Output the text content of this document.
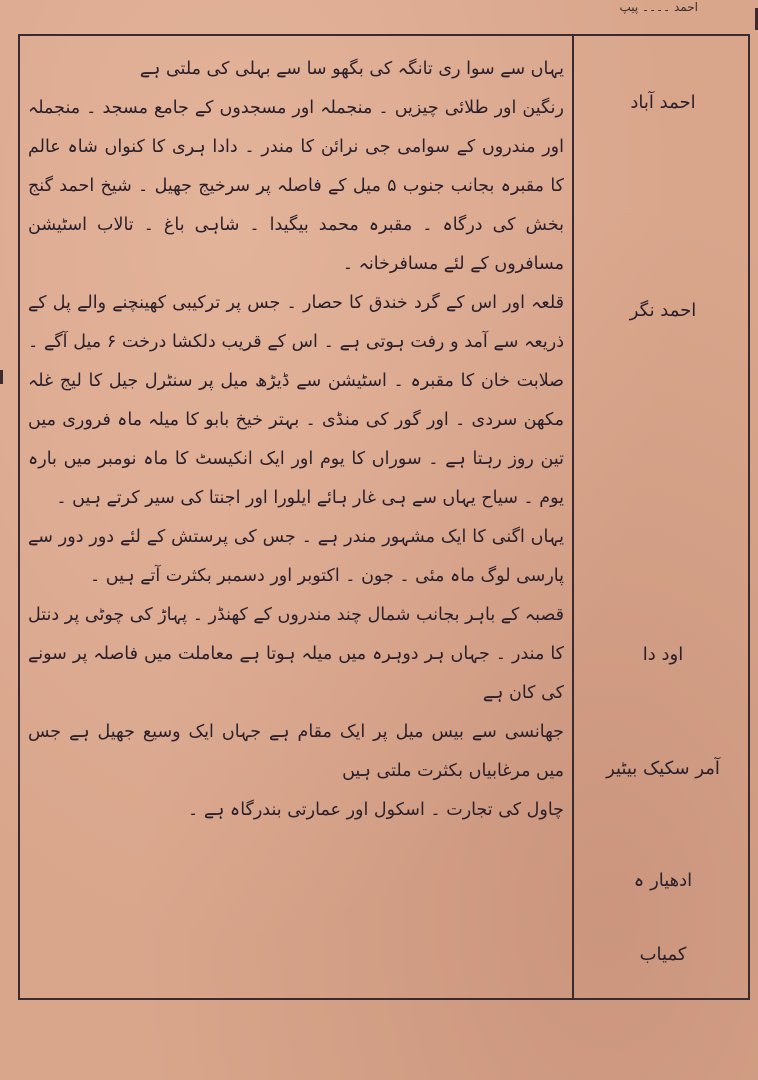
احمد ۔۔۔۔ پیپ

یہاں سے سوا ری تانگہ کی بگھو سا سے بہلی کی ملتی ہے

رنگین اور طلائی چیزیں ۔ منجملہ اور مسجدوں کے جامع مسجد ۔ منجملہ اور مندروں کے سوامی جی نرائن کا مندر ۔ دادا ہری کا کنواں شاہ عالم کا مقبرہ بجانب جنوب ۵ میل کے فاصلہ پر سرخیج جھیل ۔ شیخ احمد گنج بخش کی درگاہ ۔ مقبرہ محمد بیگیدا ۔ شاہی باغ ۔ تالاب اسٹیشن مسافروں کے لئے مسافرخانہ ۔

قلعہ اور اس کے گرد خندق کا حصار ۔ جس پر ترکیبی کھینچنے والے پل کے ذریعہ سے آمد و رفت ہوتی ہے ۔ اس کے قریب دلکشا درخت ۶ میل آگے ۔ صلابت خان کا مقبرہ ۔ اسٹیشن سے ڈیڑھ میل پر سنٹرل جیل کا لیج غلہ مکھن سردی ۔ اور گور کی منڈی ۔ بہتر خیخ بابو کا میلہ ماہ فروری میں تین روز رہتا ہے ۔ سوراں کا یوم اور ایک انکیسٹ کا ماہ نومبر میں بارہ یوم ۔ سیاح یہاں سے ہی غار ہائے ایلورا اور اجنتا کی سیر کرتے ہیں ۔

یہاں اگنی کا ایک مشہور مندر ہے ۔ جس کی پرستش کے لئے دور دور سے پارسی لوگ ماہ مئی ۔ جون ۔ اکتوبر اور دسمبر بکثرت آتے ہیں ۔

قصبہ کے باہر بجانب شمال چند مندروں کے کھنڈر ۔ پہاڑ کی چوٹی پر دنتل کا مندر ۔ جہاں ہر دوہرہ میں میلہ ہوتا ہے معاملت میں فاصلہ پر سونے کی کان ہے

جھانسی سے بیس میل پر ایک مقام ہے جہاں ایک وسیع جھیل ہے جس میں مرغابیاں بکثرت ملتی ہیں

چاول کی تجارت ۔ اسکول اور عمارتی بندرگاہ ہے ۔

احمد آباد
احمد نگر
اود دا
آمر سکیک بیٹیر
ادھیار ہ
کمیاب
